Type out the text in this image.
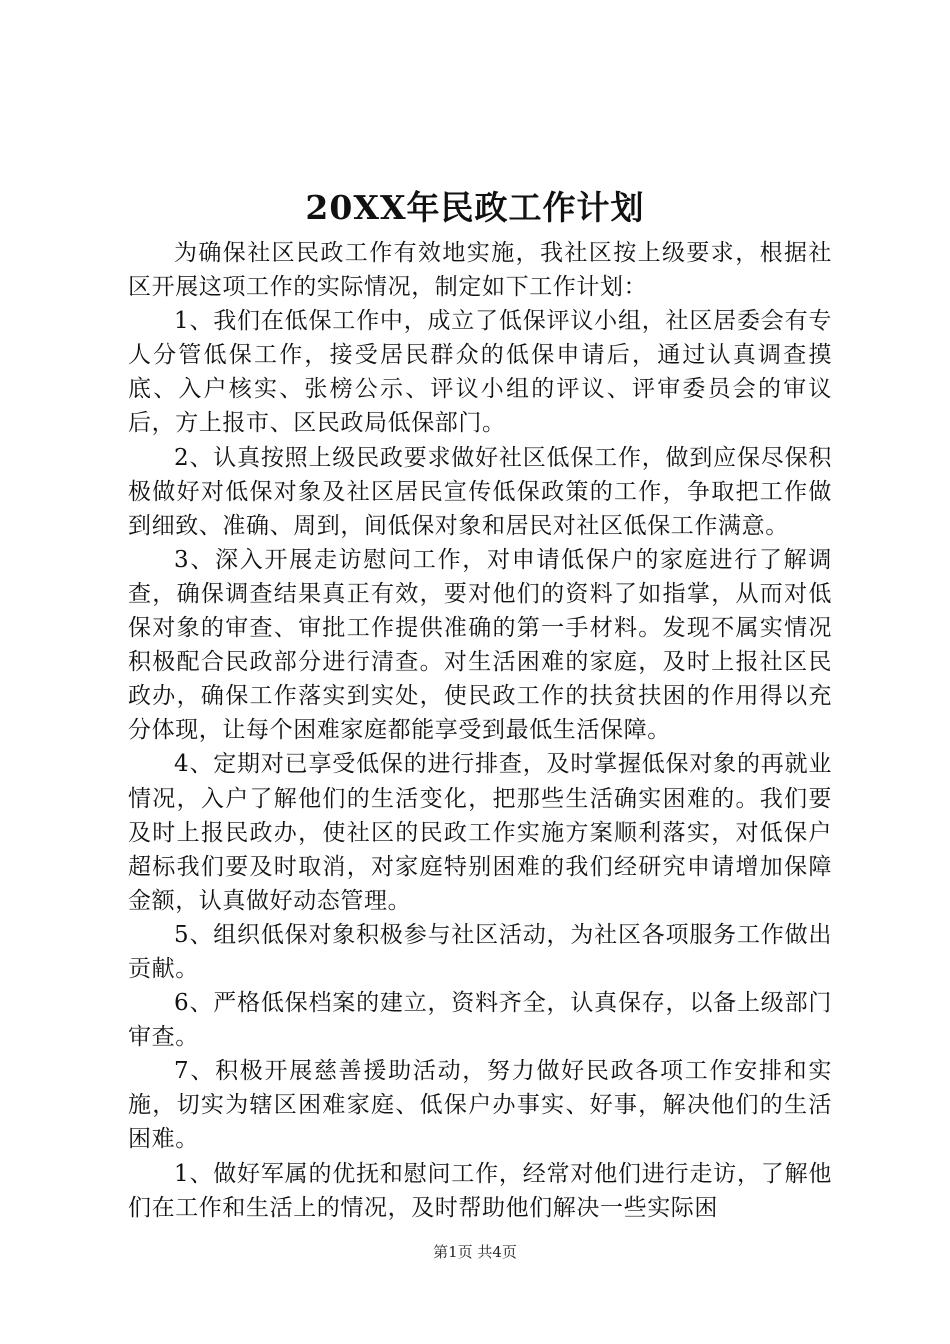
20XX年民政工作计划

为确保社区民政工作有效地实施，我社区按上级要求，根据社区开展这项工作的实际情况，制定如下工作计划：

1、我们在低保工作中，成立了低保评议小组，社区居委会有专人分管低保工作，接受居民群众的低保申请后，通过认真调查摸底、入户核实、张榜公示、评议小组的评议、评审委员会的审议后，方上报市、区民政局低保部门。

2、认真按照上级民政要求做好社区低保工作，做到应保尽保积极做好对低保对象及社区居民宣传低保政策的工作，争取把工作做到细致、准确、周到，间低保对象和居民对社区低保工作满意。

3、深入开展走访慰问工作，对申请低保户的家庭进行了解调查，确保调查结果真正有效，要对他们的资料了如指掌，从而对低保对象的审查、审批工作提供准确的第一手材料。发现不属实情况积极配合民政部分进行清查。对生活困难的家庭，及时上报社区民政办，确保工作落实到实处，使民政工作的扶贫扶困的作用得以充分体现，让每个困难家庭都能享受到最低生活保障。

4、定期对已享受低保的进行排查，及时掌握低保对象的再就业情况，入户了解他们的生活变化，把那些生活确实困难的。我们要及时上报民政办，使社区的民政工作实施方案顺利落实，对低保户超标我们要及时取消，对家庭特别困难的我们经研究申请增加保障金额，认真做好动态管理。

5、组织低保对象积极参与社区活动，为社区各项服务工作做出贡献。

6、严格低保档案的建立，资料齐全，认真保存，以备上级部门审查。

7、积极开展慈善援助活动，努力做好民政各项工作安排和实施，切实为辖区困难家庭、低保户办事实、好事，解决他们的生活困难。

1、做好军属的优抚和慰问工作，经常对他们进行走访，了解他们在工作和生活上的情况，及时帮助他们解决一些实际困

第1页 共4页
